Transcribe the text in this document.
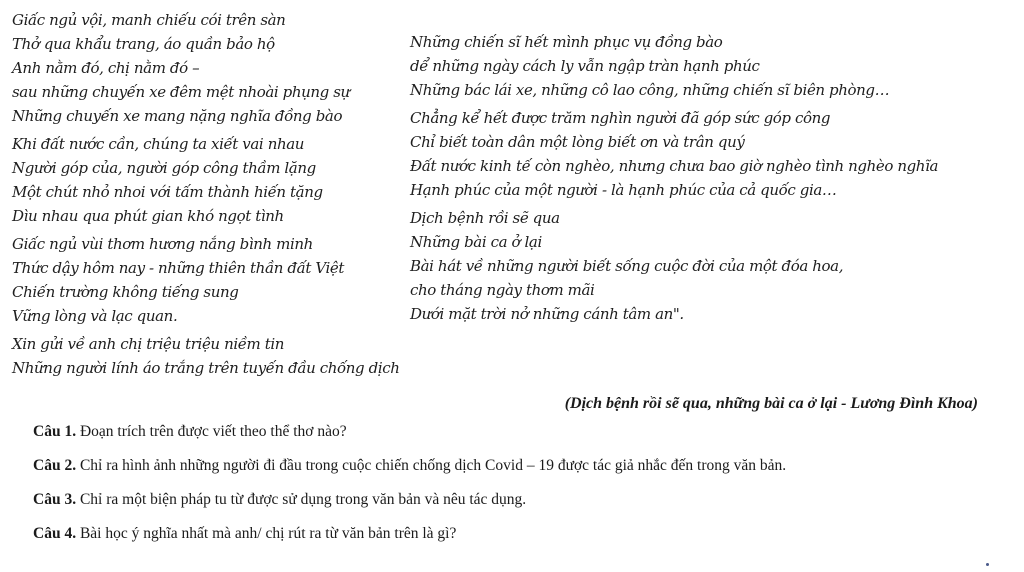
Giấc ngủ vội, manh chiếu cói trên sàn
Thở qua khẩu trang, áo quần bảo hộ
Anh nằm đó, chị nằm đó –
sau những chuyến xe đêm mệt nhoài phụng sự
Những chuyến xe mang nặng nghĩa đồng bào
Khi đất nước cần, chúng ta xiết vai nhau
Người góp của, người góp công thầm lặng
Một chút nhỏ nhoi với tấm thành hiến tặng
Dìu nhau qua phút gian khó ngọt tình
Giấc ngủ vùi thơm hương nắng bình minh
Thức dậy hôm nay - những thiên thần đất Việt
Chiến trường không tiếng sung
Vững lòng và lạc quan.
Xin gửi về anh chị triệu triệu niềm tin
Những người lính áo trắng trên tuyến đầu chống dịch
Những chiến sĩ hết mình phục vụ đồng bào
dể những ngày cách ly vẫn ngập tràn hạnh phúc
Những bác lái xe, những cô lao công, những chiến sĩ biên phòng…
Chẳng kể hết được trăm nghìn người đã góp sức góp công
Chỉ biết toàn dân một lòng biết ơn và trân quý
Đất nước kinh tế còn nghèo, nhưng chưa bao giờ nghèo tình nghèo nghĩa
Hạnh phúc của một người - là hạnh phúc của cả quốc gia…
Dịch bệnh rồi sẽ qua
Những bài ca ở lại
Bài hát về những người biết sống cuộc đời của một đóa hoa,
cho tháng ngày thơm mãi
Dưới mặt trời nở những cánh tâm an".
(Dịch bệnh rồi sẽ qua, những bài ca ở lại - Lương Đình Khoa)
Câu 1. Đoạn trích trên được viết theo thể thơ nào?
Câu 2. Chỉ ra hình ảnh những người đi đầu trong cuộc chiến chống dịch Covid – 19 được tác giả nhắc đến trong văn bản.
Câu 3. Chỉ ra một biện pháp tu từ được sử dụng trong văn bản và nêu tác dụng.
Câu 4. Bài học ý nghĩa nhất mà anh/ chị rút ra từ văn bản trên là gì?
